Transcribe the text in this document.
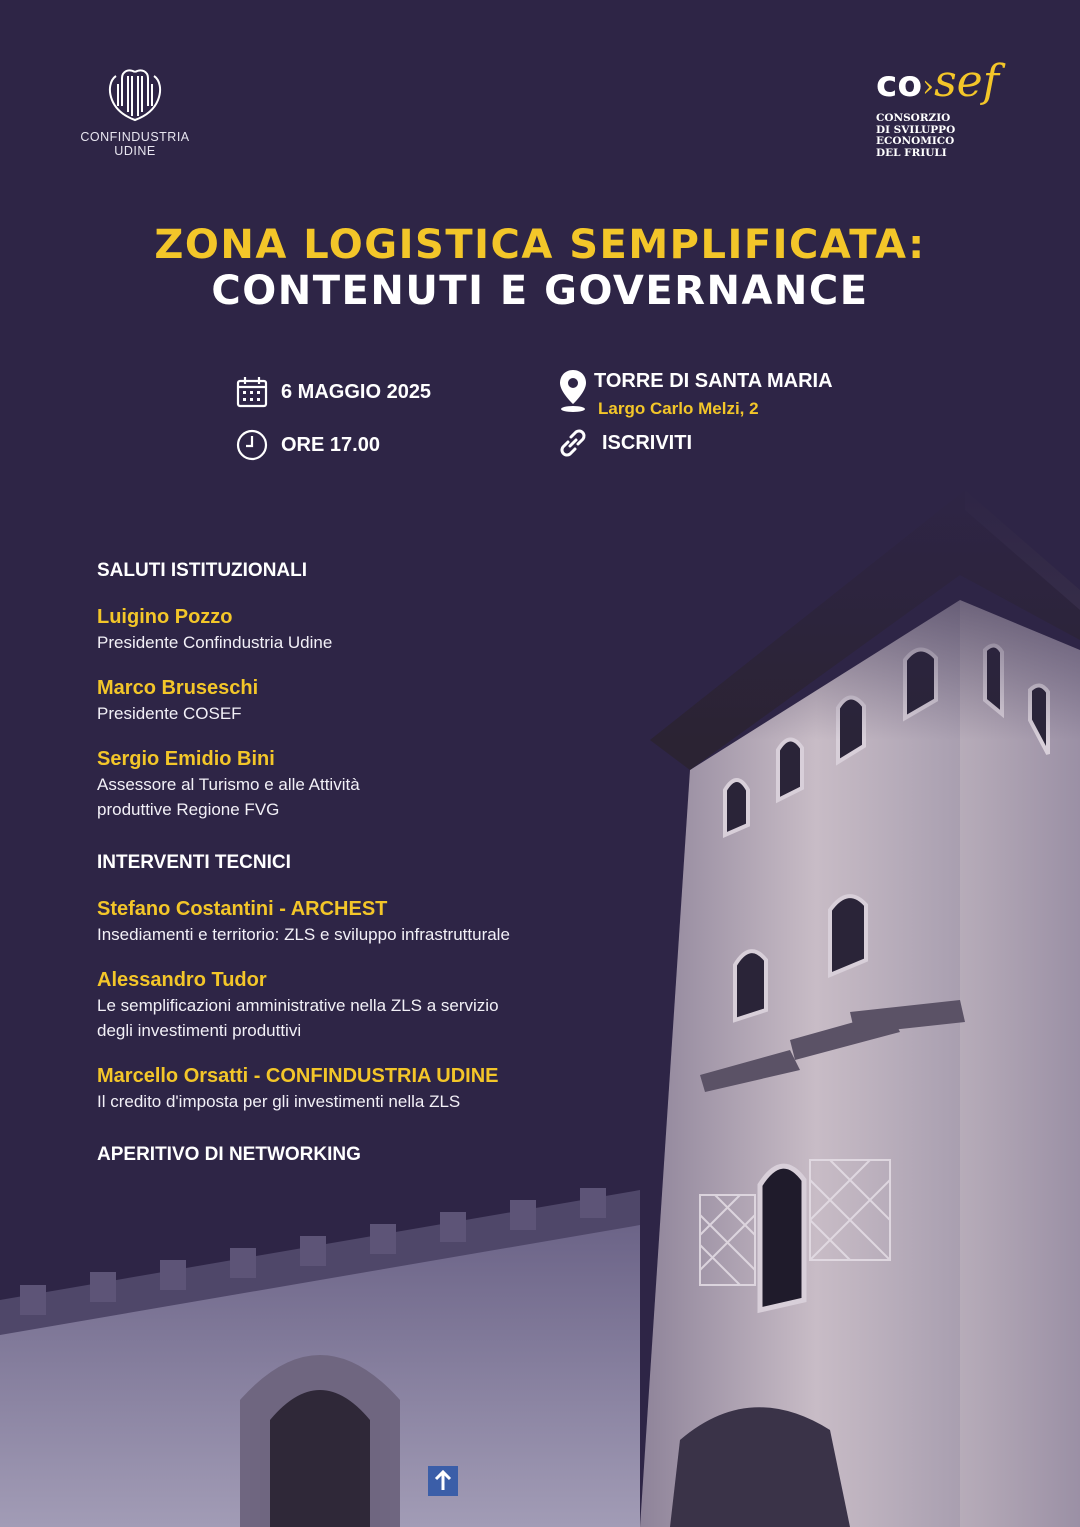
CONFINDUSTRIA UDINE
co›sef
CONSORZIO
DI SVILUPPO
ECONOMICO
DEL FRIULI
ZONA LOGISTICA SEMPLIFICATA:
CONTENUTI E GOVERNANCE
6 MAGGIO 2025
ORE 17.00
TORRE DI SANTA MARIA
Largo Carlo Melzi, 2
ISCRIVITI
SALUTI ISTITUZIONALI
Luigino Pozzo
Presidente Confindustria Udine
Marco Bruseschi
Presidente COSEF
Sergio Emidio Bini
Assessore al Turismo e alle Attività produttive Regione FVG
INTERVENTI TECNICI
Stefano Costantini - ARCHEST
Insediamenti e territorio: ZLS e sviluppo infrastrutturale
Alessandro Tudor
Le semplificazioni amministrative nella ZLS a servizio degli investimenti produttivi
Marcello Orsatti - CONFINDUSTRIA UDINE
Il credito d'imposta per gli investimenti nella ZLS
APERITIVO DI NETWORKING
